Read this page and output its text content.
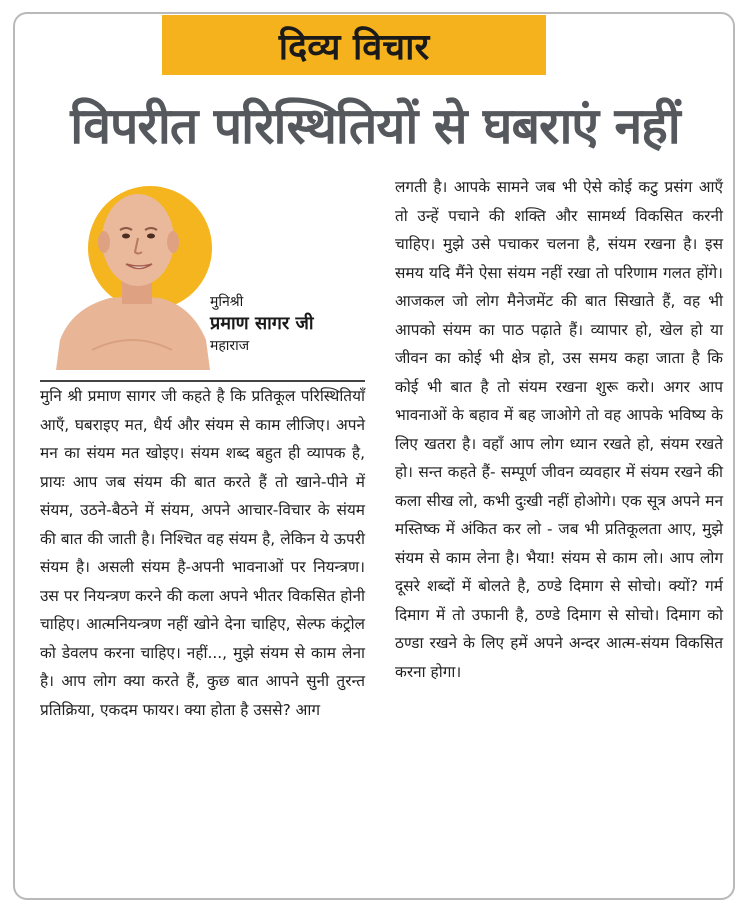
दिव्य विचार
विपरीत परिस्थितियों से घबराएं नहीं
मुनिश्री
प्रमाण सागर जी
महाराज

मुनि श्री प्रमाण सागर जी कहते है कि प्रतिकूल परिस्थितियाँ आएँ, घबराइए मत, धैर्य और संयम से काम लीजिए। अपने मन का संयम मत खोइए। संयम शब्द बहुत ही व्यापक है, प्रायः आप जब संयम की बात करते हैं तो खाने-पीने में संयम, उठने-बैठने में संयम, अपने आचार-विचार के संयम की बात की जाती है। निश्चित वह संयम है, लेकिन ये ऊपरी संयम है। असली संयम है-अपनी भावनाओं पर नियन्त्रण। उस पर नियन्त्रण करने की कला अपने भीतर विकसित होनी चाहिए। आत्मनियन्त्रण नहीं खोने देना चाहिए, सेल्फ कंट्रोल को डेवलप करना चाहिए। नहीं..., मुझे संयम से काम लेना है। आप लोग क्या करते हैं, कुछ बात आपने सुनी तुरन्त प्रतिक्रिया, एकदम फायर। क्या होता है उससे? आग

लगती है। आपके सामने जब भी ऐसे कोई कटु प्रसंग आएँ तो उन्हें पचाने की शक्ति और सामर्थ्य विकसित करनी चाहिए। मुझे उसे पचाकर चलना है, संयम रखना है। इस समय यदि मैंने ऐसा संयम नहीं रखा तो परिणाम गलत होंगे। आजकल जो लोग मैनेजमेंट की बात सिखाते हैं, वह भी आपको संयम का पाठ पढ़ाते हैं। व्यापार हो, खेल हो या जीवन का कोई भी क्षेत्र हो, उस समय कहा जाता है कि कोई भी बात है तो संयम रखना शुरू करो। अगर आप भावनाओं के बहाव में बह जाओगे तो वह आपके भविष्य के लिए खतरा है। वहाँ आप लोग ध्यान रखते हो, संयम रखते हो। सन्त कहते हैं- सम्पूर्ण जीवन व्यवहार में संयम रखने की कला सीख लो, कभी दुःखी नहीं होओगे। एक सूत्र अपने मन मस्तिष्क में अंकित कर लो - जब भी प्रतिकूलता आए, मुझे संयम से काम लेना है। भैया! संयम से काम लो। आप लोग दूसरे शब्दों में बोलते है, ठण्डे दिमाग से सोचो। क्यों? गर्म दिमाग में तो उफानी है, ठण्डे दिमाग से सोचो। दिमाग को ठण्डा रखने के लिए हमें अपने अन्दर आत्म-संयम विकसित करना होगा।
